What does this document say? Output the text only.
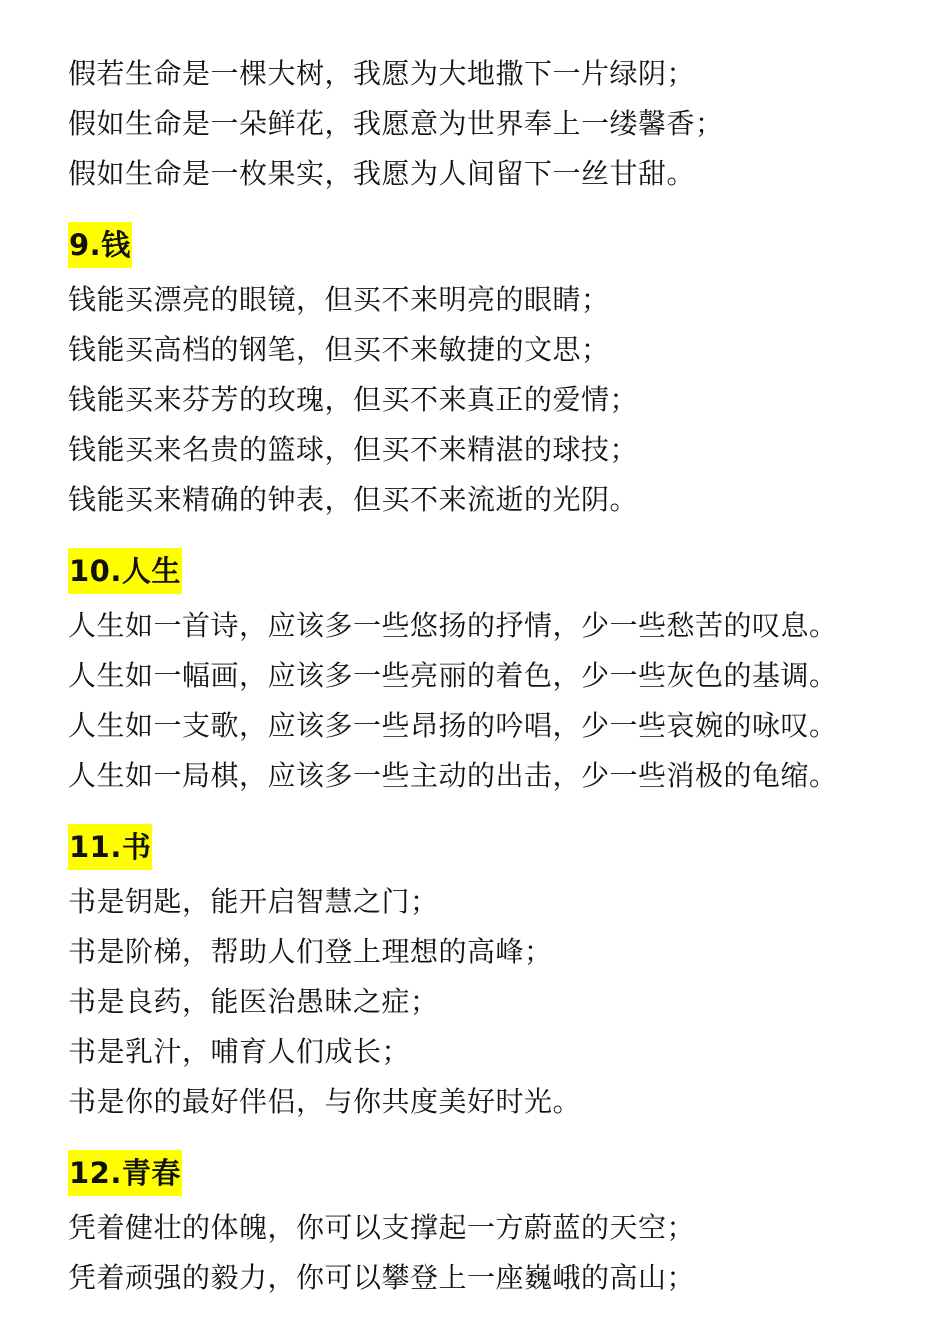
假若生命是一棵大树，我愿为大地撒下一片绿阴；
假如生命是一朵鲜花，我愿意为世界奉上一缕馨香；
假如生命是一枚果实，我愿为人间留下一丝甘甜。
9.钱
钱能买漂亮的眼镜，但买不来明亮的眼睛；
钱能买高档的钢笔，但买不来敏捷的文思；
钱能买来芬芳的玫瑰，但买不来真正的爱情；
钱能买来名贵的篮球，但买不来精湛的球技；
钱能买来精确的钟表，但买不来流逝的光阴。
10.人生
人生如一首诗，应该多一些悠扬的抒情，少一些愁苦的叹息。
人生如一幅画，应该多一些亮丽的着色，少一些灰色的基调。
人生如一支歌，应该多一些昂扬的吟唱，少一些哀婉的咏叹。
人生如一局棋，应该多一些主动的出击，少一些消极的龟缩。
11.书
书是钥匙，能开启智慧之门；
书是阶梯，帮助人们登上理想的高峰；
书是良药，能医治愚昧之症；
书是乳汁，哺育人们成长；
书是你的最好伴侣，与你共度美好时光。
12.青春
凭着健壮的体魄，你可以支撑起一方蔚蓝的天空；
凭着顽强的毅力，你可以攀登上一座巍峨的高山；
